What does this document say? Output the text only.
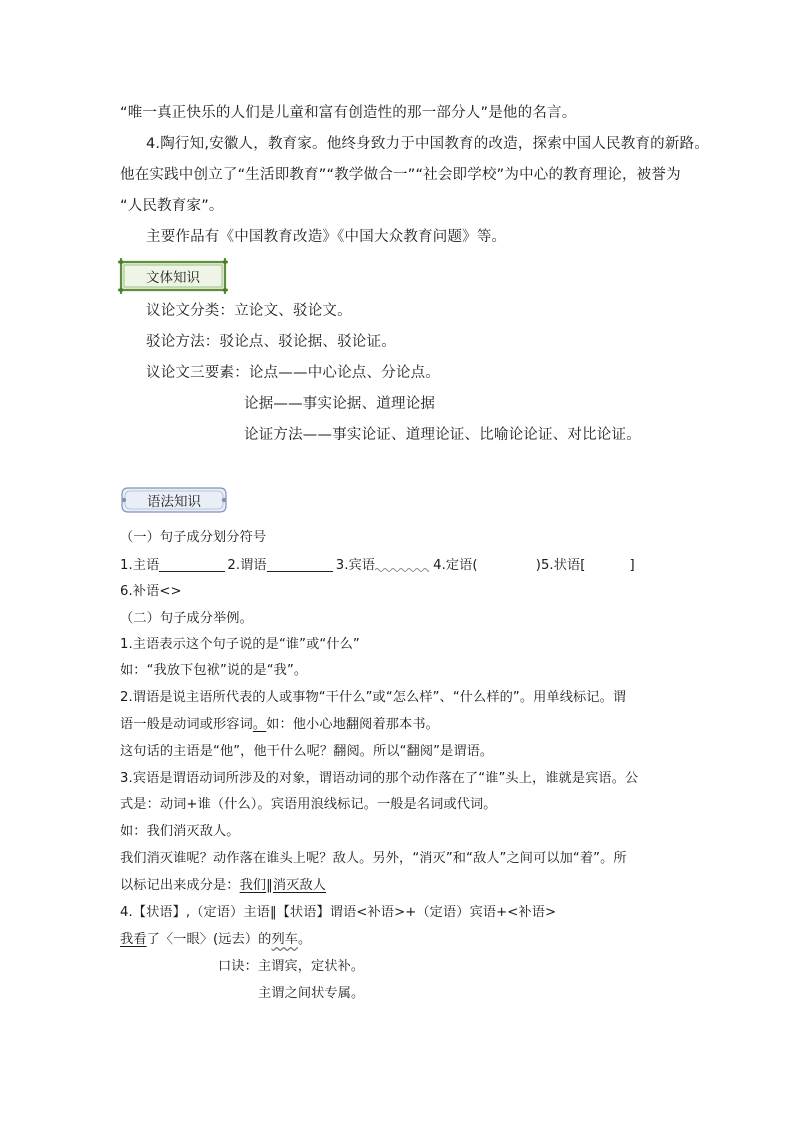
“唯一真正快乐的人们是儿童和富有创造性的那一部分人”是他的名言。
4.陶行知,安徽人，教育家。他终身致力于中国教育的改造，探索中国人民教育的新路。
他在实践中创立了“生活即教育”“教学做合一”“社会即学校”为中心的教育理论，被誉为
“人民教育家”。
主要作品有《中国教育改造》《中国大众教育问题》等。
文体知识
议论文分类：立论文、驳论文。
驳论方法：驳论点、驳论据、驳论证。
议论文三要素：论点——中心论点、分论点。
论据——事实论据、道理论据
论证方法——事实论证、道理论证、比喻论论证、对比论证。
语法知识
（一）句子成分划分符号
1.主语	2.谓语	3.宾语	4.定语(	)5.状语[	]
6.补语<>
（二）句子成分举例。
1.主语表示这个句子说的是“谁”或“什么”
如：“我放下包袱”说的是“我”。
2.谓语是说主语所代表的人或事物“干什么”或“怎么样”、“什么样的”。用单线标记。谓
语一般是动词或形容词。如：他小心地翻阅着那本书。
这句话的主语是“他”，他干什么呢？翻阅。所以“翻阅”是谓语。
3.宾语是谓语动词所涉及的对象，谓语动词的那个动作落在了“谁”头上，谁就是宾语。公
式是：动词+谁（什么）。宾语用浪线标记。一般是名词或代词。
如：我们消灭敌人。
我们消灭谁呢？动作落在谁头上呢？敌人。另外，“消灭”和“敌人”之间可以加“着”。所
以标记出来成分是：我们‖消灭敌人
4.【状语】,（定语）主语‖【状语】谓语<补语>+（定语）宾语+<补语>
我看了〈一眼〉(远去）的列车。
口诀：主谓宾，定状补。
主谓之间状专属。
